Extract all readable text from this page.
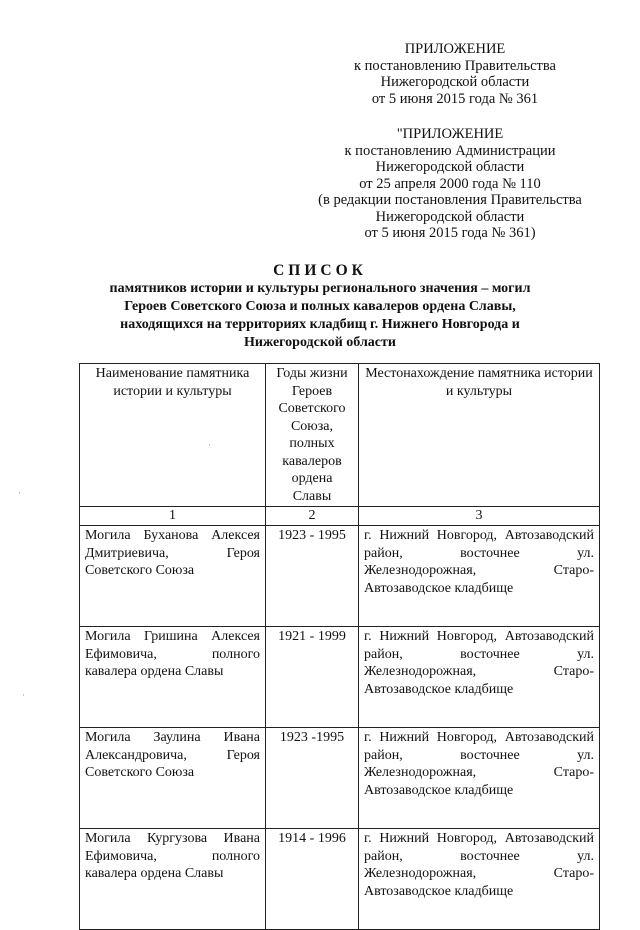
ПРИЛОЖЕНИЕ
к постановлению Правительства
Нижегородской области
от 5 июня 2015 года № 361
"ПРИЛОЖЕНИЕ
к постановлению Администрации
Нижегородской области
от 25 апреля 2000 года № 110
(в редакции постановления Правительства
Нижегородской области
от 5 июня 2015 года № 361)
СПИСОК
памятников истории и культуры регионального значения – могил
Героев Советского Союза и полных кавалеров ордена Славы,
находящихся на территориях кладбищ г. Нижнего Новгорода и
Нижегородской области
Наименование памятника истории и культуры	Годы жизни Героев Советского Союза, полных кавалеров ордена Славы	Местонахождение памятника истории и культуры
1	2	3
Могила Буханова Алексея Дмитриевича, Героя Советского Союза	1923 - 1995	г. Нижний Новгород, Автозаводский район, восточнее ул. Железнодорожная, Старо-Автозаводское кладбище
Могила Гришина Алексея Ефимовича, полного кавалера ордена Славы	1921 - 1999	г. Нижний Новгород, Автозаводский район, восточнее ул. Железнодорожная, Старо-Автозаводское кладбище
Могила Заулина Ивана Александровича, Героя Советского Союза	1923 -1995	г. Нижний Новгород, Автозаводский район, восточнее ул. Железнодорожная, Старо-Автозаводское кладбище
Могила Кургузова Ивана Ефимовича, полного кавалера ордена Славы	1914 - 1996	г. Нижний Новгород, Автозаводский район, восточнее ул. Железнодорожная, Старо-Автозаводское кладбище
·
·
·
